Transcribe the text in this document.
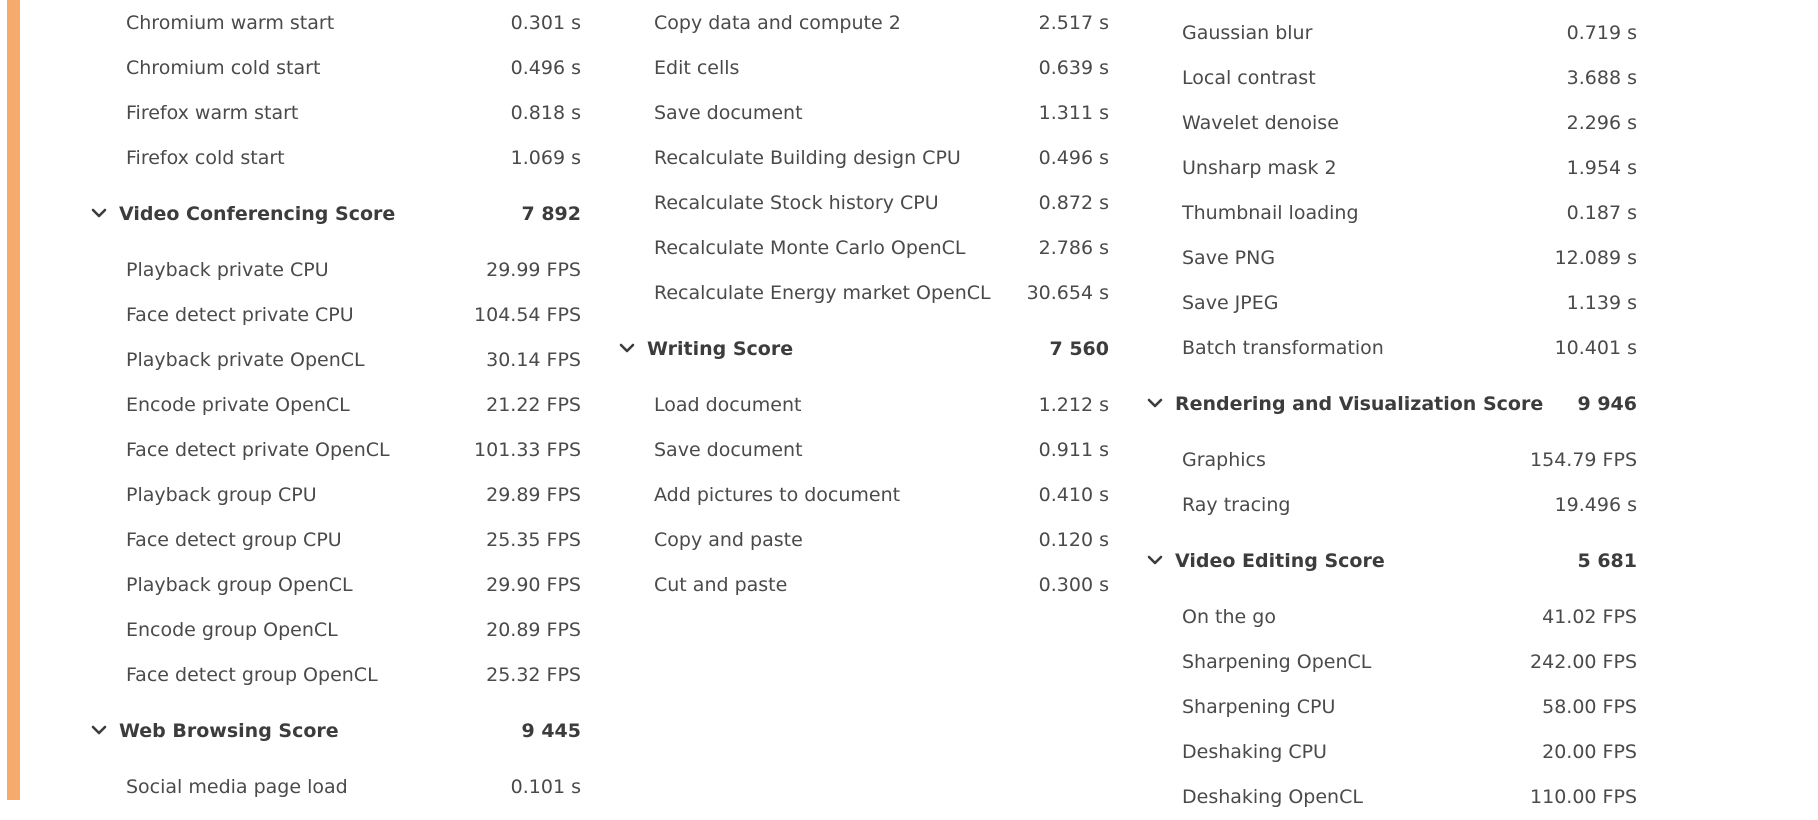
Chromium warm start	0.301 s
Chromium cold start	0.496 s
Firefox warm start	0.818 s
Firefox cold start	1.069 s
Video Conferencing Score	7 892
Playback private CPU	29.99 FPS
Face detect private CPU	104.54 FPS
Playback private OpenCL	30.14 FPS
Encode private OpenCL	21.22 FPS
Face detect private OpenCL	101.33 FPS
Playback group CPU	29.89 FPS
Face detect group CPU	25.35 FPS
Playback group OpenCL	29.90 FPS
Encode group OpenCL	20.89 FPS
Face detect group OpenCL	25.32 FPS
Web Browsing Score	9 445
Social media page load	0.101 s
Copy data and compute 2	2.517 s
Edit cells	0.639 s
Save document	1.311 s
Recalculate Building design CPU	0.496 s
Recalculate Stock history CPU	0.872 s
Recalculate Monte Carlo OpenCL	2.786 s
Recalculate Energy market OpenCL 30.654 s
Writing Score	7 560
Load document	1.212 s
Save document	0.911 s
Add pictures to document	0.410 s
Copy and paste	0.120 s
Cut and paste	0.300 s
Gaussian blur	0.719 s
Local contrast	3.688 s
Wavelet denoise	2.296 s
Unsharp mask 2	1.954 s
Thumbnail loading	0.187 s
Save PNG	12.089 s
Save JPEG	1.139 s
Batch transformation	10.401 s
Rendering and Visualization Score 9 946
Graphics	154.79 FPS
Ray tracing	19.496 s
Video Editing Score	5 681
On the go	41.02 FPS
Sharpening OpenCL	242.00 FPS
Sharpening CPU	58.00 FPS
Deshaking CPU	20.00 FPS
Deshaking OpenCL	110.00 FPS
